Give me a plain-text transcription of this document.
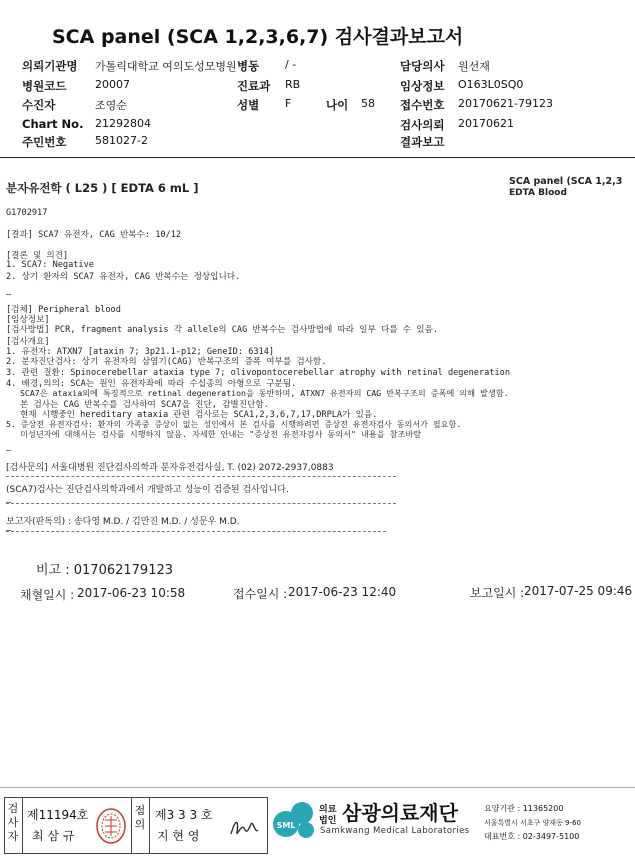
SCA panel (SCA 1,2,3,6,7) 검사결과보고서
의뢰기관명 가톨릭대학교 여의도성모병원 병동 / -	담당의사 원선재
병원코드	20007	진료과 RB	임상정보 O163L0SQ0
수진자	조영순	성별 F	나이 58 접수번호 20170621-79123
Chart No. 21292804	검사의뢰 20170621
주민번호	581027-2	결과보고
분자유전학 ( L25 ) [ EDTA 6 mL ]	SCA panel (SCA 1,2,3
EDTA Blood
G1702917
[결과] SCA7 유전자, CAG 반복수: 10/12
[결론 및 의견]
1. SCA7: Negative
2. 상기 환자의 SCA7 유전자, CAG 반복수는 정상입니다.
—
[검체] Peripheral blood
[임상정보]
[검사방법] PCR, fragment analysis 각 allele의 CAG 반복수는 검사방법에 따라 일부 다를 수 있음.
[검사개요]
1. 유전자: ATXN7 [ataxin 7; 3p21.1-p12; GeneID: 6314]
2. 분자진단검사: 상기 유전자의 삼염기(CAG) 반복구조의 증폭 여부를 검사함.
3. 관련 질환: Spinocerebellar ataxia type 7; olivopontocerebellar atrophy with retinal degeneration
4. 배경,의의: SCA는 원인 유전자좌에 따라 수십종의 아형으로 구분됨.
SCA7은 ataxia외에 특징적으로 retinal degeneration을 동반하며, ATXN7 유전자의 CAG 반복구조의 증폭에 의해 발생함.
본 검사는 CAG 반복수를 검사하여 SCA7을 진단, 감별진단함.
현재 시행중인 hereditary ataxia 관련 검사로는 SCA1,2,3,6,7,17,DRPLA가 있음.
5. 증상전 유전자검사: 환자의 가족중 증상이 없는 성인에서 본 검사를 시행하려면 증상전 유전자검사 동의서가 필요함.
미성년자에 대해서는 검사를 시행하지 않음. 자세한 안내는 "증상전 유전자검사 동의서" 내용을 참조바람
—
[검사문의] 서울대병원 진단검사의학과 분자유전검사실, T. (02) 2072-2937,0883
(SCA7)검사는 진단검사의학과에서 개발하고 성능이 검증된 검사입니다.
—
보고자(판독의) : 송다영 M.D. / 김만진 M.D. / 성문우 M.D.
—
비고 : 017062179123
채혈일시 : 2017-06-23 10:58	접수일시 : 2017-06-23 12:40	보고일시 : 2017-07-25 09:46
검사자
제11194호
최 삼 규
점의
제3 3 3 호
지 현 영
SML
의료
법인 삼광의료재단
Samkwang Medical Laboratories
요양기관 : 11365200
서울특별시 서초구 양재동 9-60
대표번호 : 02-3497-5100
